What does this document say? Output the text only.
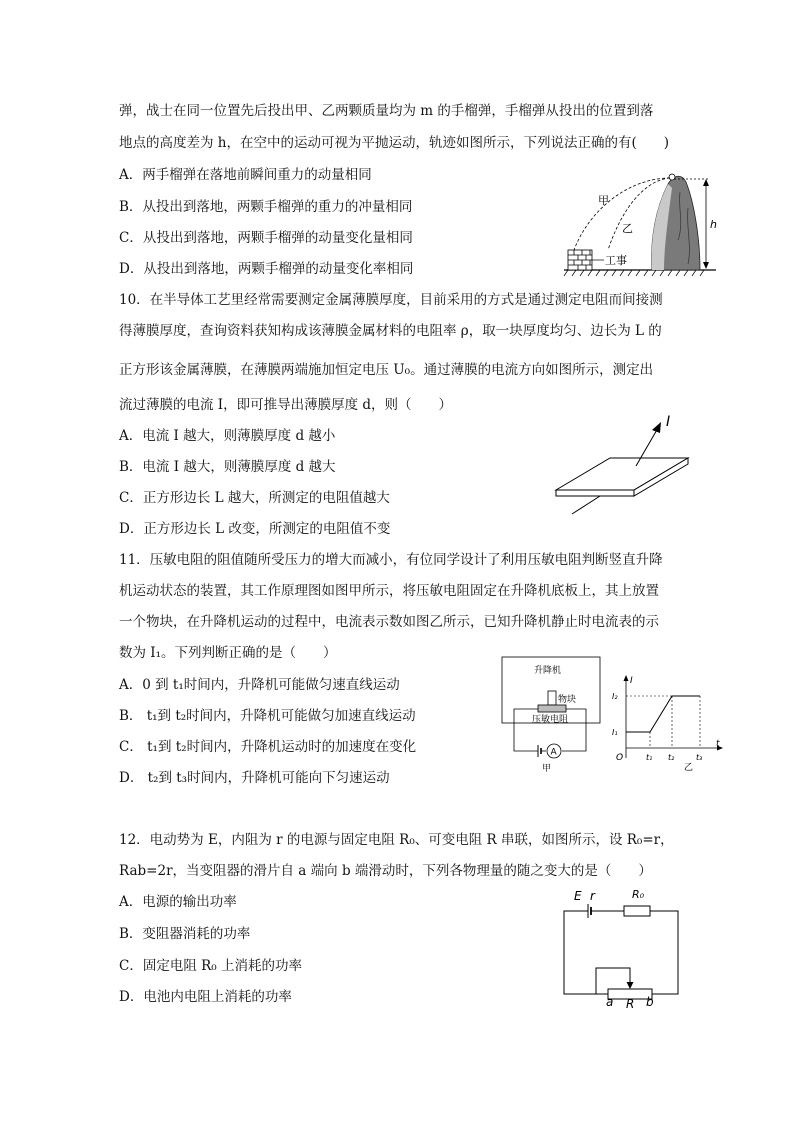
弹，战士在同一位置先后投出甲、乙两颗质量均为 m 的手榴弹，手榴弹从投出的位置到落
地点的高度差为 h，在空中的运动可视为平抛运动，轨迹如图所示，下列说法正确的有(　　)
A．两手榴弹在落地前瞬间重力的动量相同
B．从投出到落地，两颗手榴弹的重力的冲量相同
C．从投出到落地，两颗手榴弹的动量变化量相同
D．从投出到落地，两颗手榴弹的动量变化率相同
甲
乙	h
工事
10．在半导体工艺里经常需要测定金属薄膜厚度，目前采用的方式是通过测定电阻而间接测
得薄膜厚度，查询资料获知构成该薄膜金属材料的电阻率 ρ，取一块厚度均匀、边长为 L 的
正方形该金属薄膜，在薄膜两端施加恒定电压 U₀。通过薄膜的电流方向如图所示，测定出
流过薄膜的电流 I，即可推导出薄膜厚度 d，则（　　）
A．电流 I 越大，则薄膜厚度 d 越小
B．电流 I 越大，则薄膜厚度 d 越大
C．正方形边长 L 越大，所测定的电阻值越大
D．正方形边长 L 改变，所测定的电阻值不变
I
11．压敏电阻的阻值随所受压力的增大而减小，有位同学设计了利用压敏电阻判断竖直升降
机运动状态的装置，其工作原理图如图甲所示，将压敏电阻固定在升降机底板上，其上放置
一个物块，在升降机运动的过程中，电流表示数如图乙所示，已知升降机静止时电流表的示
数为 I₁。下列判断正确的是（　　）
A．0 到 t₁时间内，升降机可能做匀速直线运动
B． t₁到 t₂时间内，升降机可能做匀加速直线运动
C． t₁到 t₂时间内，升降机运动时的加速度在变化
D． t₂到 t₃时间内，升降机可能向下匀速运动
升降机
物块
压敏电阻
A
甲
I
t
O
I₂
I₁
t₁ t₂	t₃
乙
12．电动势为 E，内阻为 r 的电源与固定电阻 R₀、可变电阻 R 串联，如图所示，设 R₀=r，
Rab=2r，当变阻器的滑片自 a 端向 b 端滑动时，下列各物理量的随之变大的是（　　）
A．电源的输出功率
B．变阻器消耗的功率
C．固定电阻 R₀ 上消耗的功率
D．电池内电阻上消耗的功率
E r	R₀
a R b
